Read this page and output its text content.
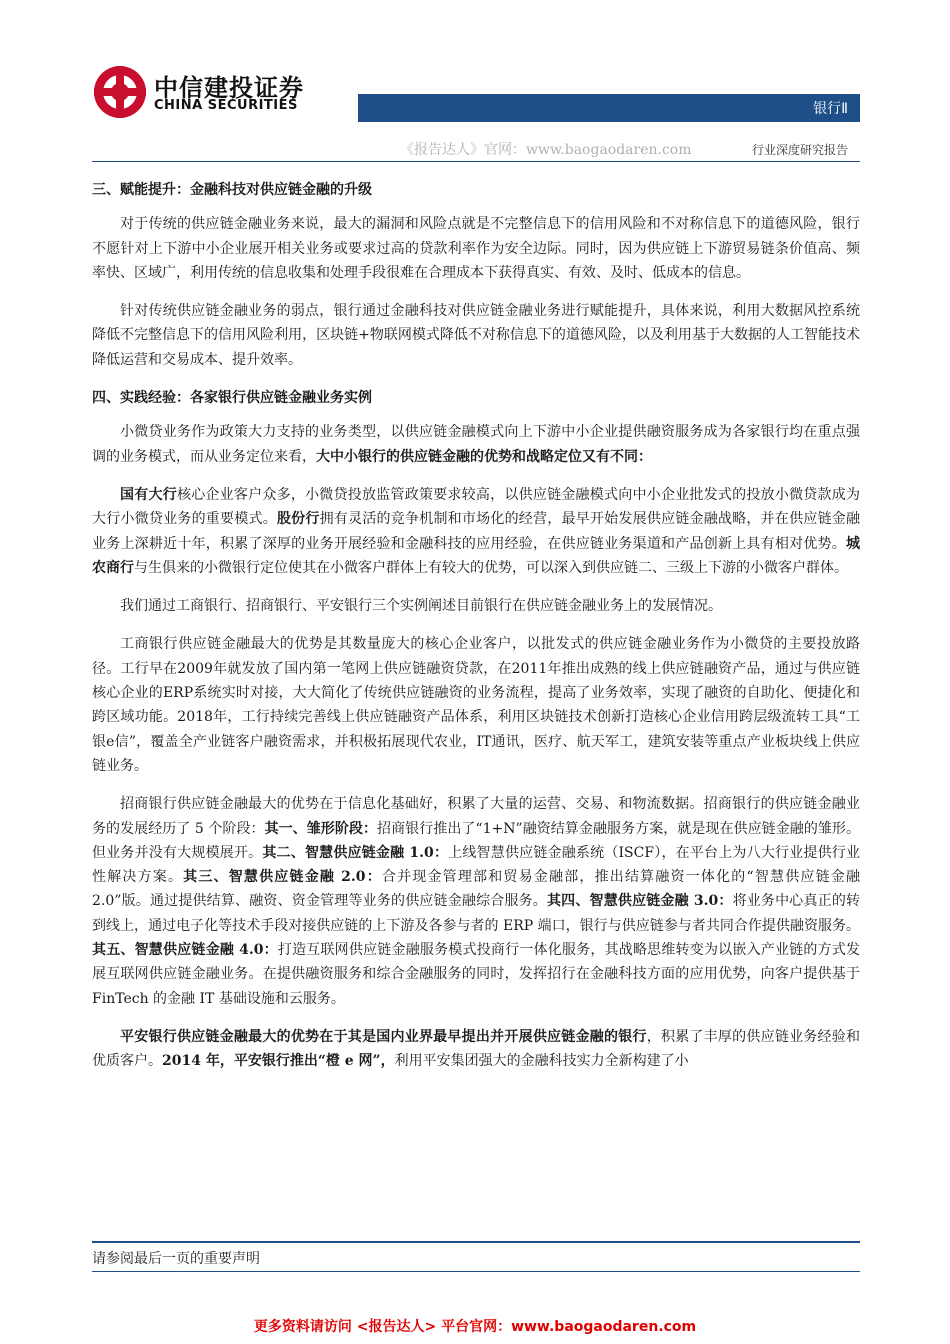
中信建投证券
CHINA SECURITIES	银行Ⅱ
《报告达人》官网：www.baogaodaren.com	行业深度研究报告
三、赋能提升：金融科技对供应链金融的升级

对于传统的供应链金融业务来说，最大的漏洞和风险点就是不完整信息下的信用风险和不对称信息下的道德风险，银行不愿针对上下游中小企业展开相关业务或要求过高的贷款利率作为安全边际。同时，因为供应链上下游贸易链条价值高、频率快、区域广，利用传统的信息收集和处理手段很难在合理成本下获得真实、有效、及时、低成本的信息。

针对传统供应链金融业务的弱点，银行通过金融科技对供应链金融业务进行赋能提升，具体来说，利用大数据风控系统降低不完整信息下的信用风险利用，区块链+物联网模式降低不对称信息下的道德风险，以及利用基于大数据的人工智能技术降低运营和交易成本、提升效率。

四、实践经验：各家银行供应链金融业务实例

小微贷业务作为政策大力支持的业务类型，以供应链金融模式向上下游中小企业提供融资服务成为各家银行均在重点强调的业务模式，而从业务定位来看，大中小银行的供应链金融的优势和战略定位又有不同：

国有大行核心企业客户众多，小微贷投放监管政策要求较高，以供应链金融模式向中小企业批发式的投放小微贷款成为大行小微贷业务的重要模式。股份行拥有灵活的竞争机制和市场化的经营，最早开始发展供应链金融战略，并在供应链金融业务上深耕近十年，积累了深厚的业务开展经验和金融科技的应用经验，在供应链业务渠道和产品创新上具有相对优势。城农商行与生俱来的小微银行定位使其在小微客户群体上有较大的优势，可以深入到供应链二、三级上下游的小微客户群体。

我们通过工商银行、招商银行、平安银行三个实例阐述目前银行在供应链金融业务上的发展情况。

工商银行供应链金融最大的优势是其数量庞大的核心企业客户，以批发式的供应链金融业务作为小微贷的主要投放路径。工行早在2009年就发放了国内第一笔网上供应链融资贷款，在2011年推出成熟的线上供应链融资产品，通过与供应链核心企业的ERP系统实时对接，大大简化了传统供应链融资的业务流程，提高了业务效率，实现了融资的自助化、便捷化和跨区域功能。2018年，工行持续完善线上供应链融资产品体系，利用区块链技术创新打造核心企业信用跨层级流转工具“工银e信”，覆盖全产业链客户融资需求，并积极拓展现代农业，IT通讯，医疗、航天军工，建筑安装等重点产业板块线上供应链业务。

招商银行供应链金融最大的优势在于信息化基础好，积累了大量的运营、交易、和物流数据。招商银行的供应链金融业务的发展经历了 5 个阶段：其一、雏形阶段：招商银行推出了“1+N”融资结算金融服务方案，就是现在供应链金融的雏形。但业务并没有大规模展开。其二、智慧供应链金融 1.0：上线智慧供应链金融系统（ISCF），在平台上为八大行业提供行业性解决方案。其三、智慧供应链金融 2.0：合并现金管理部和贸易金融部，推出结算融资一体化的“智慧供应链金融 2.0”版。通过提供结算、融资、资金管理等业务的供应链金融综合服务。其四、智慧供应链金融 3.0：将业务中心真正的转到线上，通过电子化等技术手段对接供应链的上下游及各参与者的 ERP 端口，银行与供应链参与者共同合作提供融资服务。其五、智慧供应链金融 4.0：打造互联网供应链金融服务模式投商行一体化服务，其战略思维转变为以嵌入产业链的方式发展互联网供应链金融业务。在提供融资服务和综合金融服务的同时，发挥招行在金融科技方面的应用优势，向客户提供基于 FinTech 的金融 IT 基础设施和云服务。

平安银行供应链金融最大的优势在于其是国内业界最早提出并开展供应链金融的银行，积累了丰厚的供应链业务经验和优质客户。2014 年，平安银行推出“橙 e 网”，利用平安集团强大的金融科技实力全新构建了小

请参阅最后一页的重要声明
更多资料请访问 <报告达人> 平台官网：www.baogaodaren.com
